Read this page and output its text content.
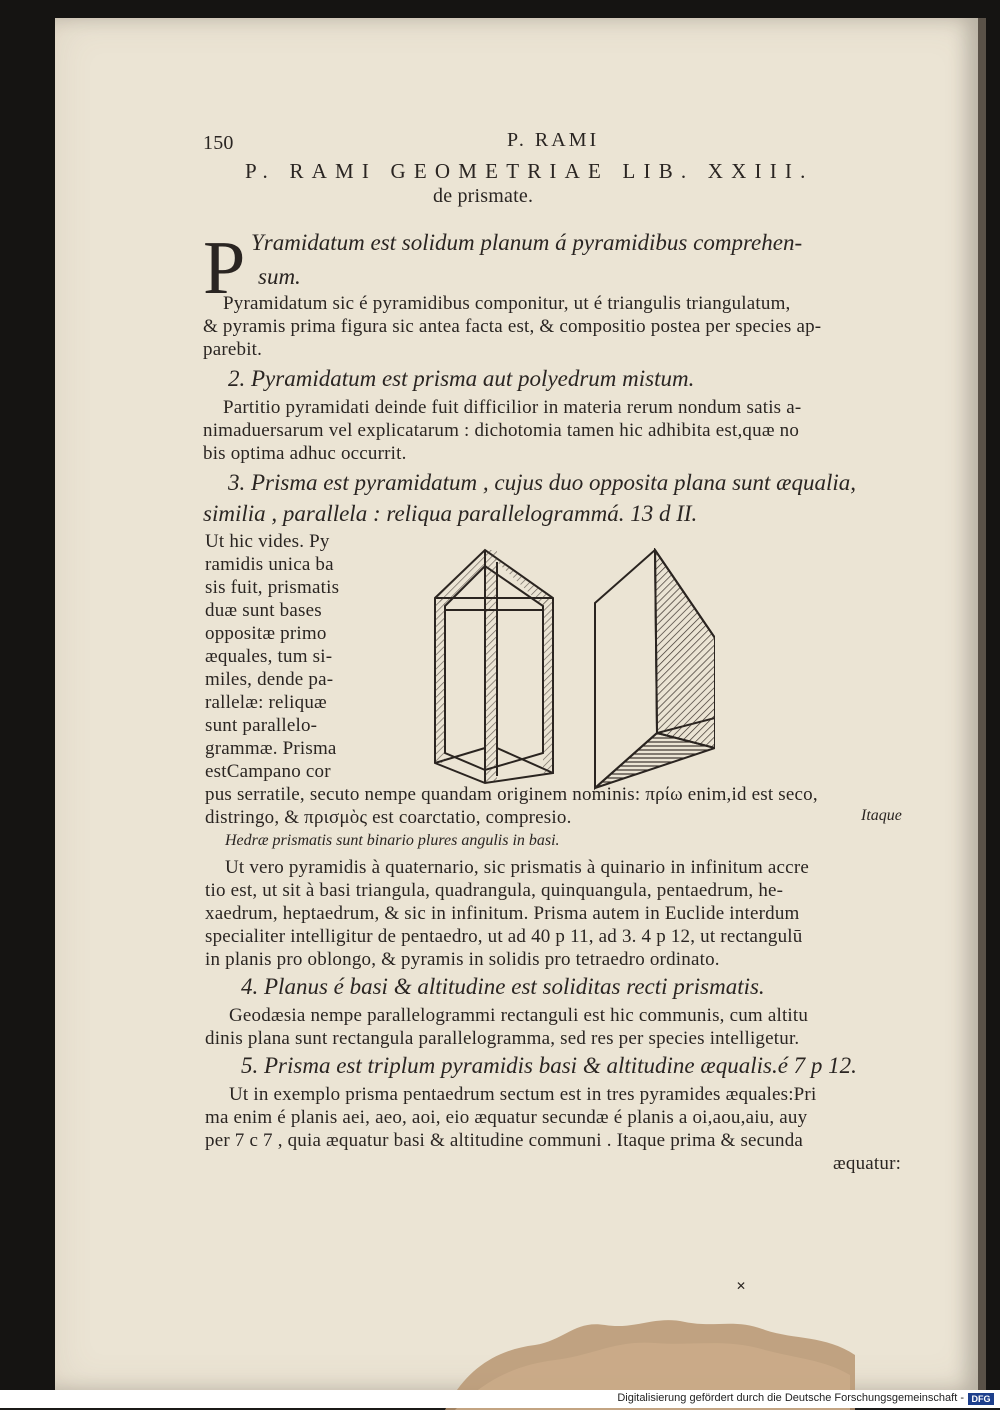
150	P. RAMI
P. RAMI GEOMETRIAE LIB. XXIII.
de prismate.
P Yramidatum est solidum planum á pyramidibus comprehen-
sum.
Pyramidatum sic é pyramidibus componitur, ut é triangulis triangulatum,
& pyramis prima figura sic antea facta est, & compositio postea per species ap-
parebit.
2. Pyramidatum est prisma aut polyedrum mistum.
Partitio pyramidati deinde fuit difficilior in materia rerum nondum satis a-
nimaduersarum vel explicatarum : dichotomia tamen hic adhibita est,quæ no
bis optima adhuc occurrit.
3. Prisma est pyramidatum , cujus duo opposita plana sunt æqualia,
similia , parallela : reliqua parallelogrammá. 13 d II.
Ut hic vides. Py
ramidis unica ba
sis fuit, prismatis
duæ sunt bases
oppositæ primo
æquales, tum si-
miles, dende pa-
rallelæ: reliquæ
sunt parallelo-
grammæ. Prisma
estCampano cor
pus serratile, secuto nempe quandam originem nominis: πρίω enim,id est seco,
distringo, & πρισμὸς est coarctatio, compresio.	Itaque
Hedræ prismatis sunt binario plures angulis in basi.
Ut vero pyramidis à quaternario, sic prismatis à quinario in infinitum accre
tio est, ut sit à basi triangula, quadrangula, quinquangula, pentaedrum, he-
xaedrum, heptaedrum, & sic in infinitum. Prisma autem in Euclide interdum
specialiter intelligitur de pentaedro, ut ad 40 p 11, ad 3. 4 p 12, ut rectangulū
in planis pro oblongo, & pyramis in solidis pro tetraedro ordinato.
4. Planus é basi & altitudine est soliditas recti prismatis.
Geodæsia nempe parallelogrammi rectanguli est hic communis, cum altitu
dinis plana sunt rectangula parallelogramma, sed res per species intelligetur.
5. Prisma est triplum pyramidis basi & altitudine æqualis.é 7 p 12.
Ut in exemplo prisma pentaedrum sectum est in tres pyramides æquales:Pri
ma enim é planis aei, aeo, aoi, eio æquatur secundæ é planis a oi,aou,aiu, auy
per 7 c 7 , quia æquatur basi & altitudine communi . Itaque prima & secunda
æquatur:
✕
Digitalisierung gefördert durch die Deutsche Forschungsgemeinschaft - DFG
